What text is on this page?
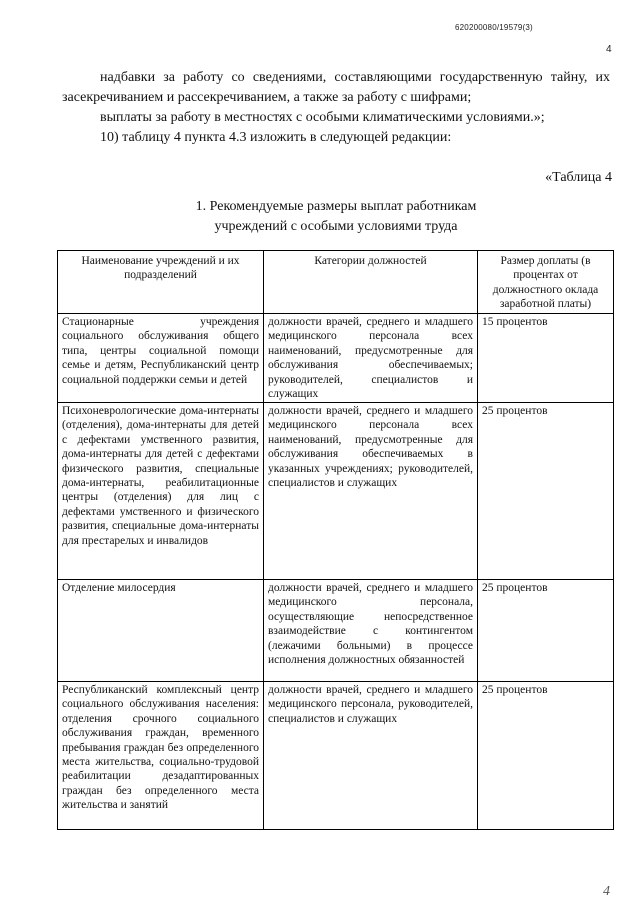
620200080/19579(3)
4
надбавки за работу со сведениями, составляющими государственную тайну, их засекречиванием и рассекречиванием, а также за работу с шифрами;
выплаты за работу в местностях с особыми климатическими условиями.»;
10) таблицу 4 пункта 4.3 изложить в следующей редакции:
«Таблица 4
1. Рекомендуемые размеры выплат работникам
учреждений с особыми условиями труда
Наименование учреждений и их подразделений	Категории должностей	Размер доплаты (в процентах от должностного оклада заработной платы)
Стационарные учреждения социального обслуживания общего типа, центры социальной помощи семье и детям, Республиканский центр социальной поддержки семьи и детей	должности врачей, среднего и младшего медицинского персонала всех наименований, предусмотренные для обслуживания обеспечиваемых; руководителей, специалистов и служащих	15 процентов
Психоневрологические дома-интернаты (отделения), дома-интернаты для детей с дефектами умственного развития, дома-интернаты для детей с дефектами физического развития, специальные дома-интернаты, реабилитационные центры (отделения) для лиц с дефектами умственного и физического развития, специальные дома-интернаты для престарелых и инвалидов	должности врачей, среднего и младшего медицинского персонала всех наименований, предусмотренные для обслуживания обеспечиваемых в указанных учреждениях; руководителей, специалистов и служащих	25 процентов
Отделение милосердия	должности врачей, среднего и младшего медицинского персонала, осуществляющие непосредственное взаимодействие с контингентом (лежачими больными) в процессе исполнения должностных обязанностей	25 процентов
Республиканский комплексный центр социального обслуживания населения: отделения срочного социального обслуживания граждан, временного пребывания граждан без определенного места жительства, социально-трудовой реабилитации дезадаптированных граждан без определенного места жительства и занятий	должности врачей, среднего и младшего медицинского персонала, руководителей, специалистов и служащих	25 процентов
4
